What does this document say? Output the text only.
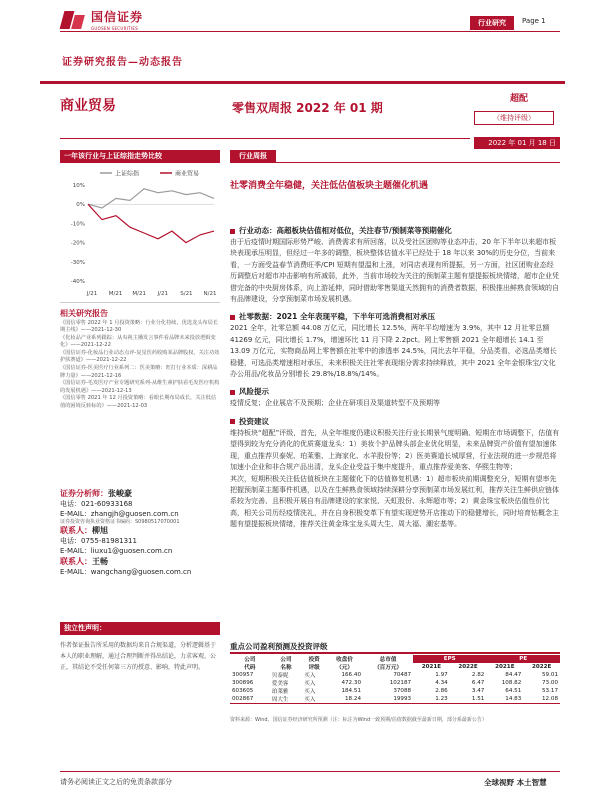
国信证券
GUOSEN SECURITIES
行业研究	Page 1
证券研究报告—动态报告
商业贸易	零售双周报 2022 年 01 期
超配
（维持评级）
2022 年 01 月 18 日
一年该行业与上证综指走势比较
上证综指	商业贸易
0%
10%
-10%
-20%
-30%
-40%
J/21 M/21 M/21 J/21 S/21 N/21
相关研究报告
《国信零售 2022 年 1 月投资策略：行业分化持续，优选龙头布局长期主线》——2021-12-30
《化妆品产业系列跟踪：从央视主播发言事件看品牌未来投放逻辑变化》——2021-12-22
《国信证券-化妆品行业动态点评-复星医药收购某品牌股权，关注功效护肤赛道》——2021-12-22
《国信证券-医美医疗行业系列二：医美策略：旺打行业本质：深耕品牌力量》——2021-12-16
《国信证券-毛发医疗产业专题研究系列-从维生素护肤看毛发医疗机构的发展机遇》——2021-12-13
《国信零售 2021 年 12 月投资策略：看眼长期布局成长，关注低估值的困境反转标的》——2021-12-03
证券分析师：张峻豪
电话：021-60933168
E-MAIL：zhangjh@guosen.com.cn
证券投资咨询执业资格证书编码：S0980517070001
联系人：柳旭
电话：0755-81981311
E-MAIL：liuxu1@guosen.com.cn
联系人：王畅
E-MAIL：wangchang@guosen.com.cn
独立性声明：
作者保证报告所采用的数据均来自合规渠道，分析逻辑基于本人的职业理解，通过合理判断并得出结论，力求客观、公正，其结论不受任何第三方的授意、影响，特此声明。
行业周报
社零消费全年稳健，关注低估值板块主题催化机遇
行业动态：高超板块估值相对低位，关注春节/预制菜等预期催化
由于后疫情时期国际形势严峻、消费需求有所回落，以及受社区团购等业态冲击，20 年下半年以来超市板块表现承压明显，但经过一年多的调整，板块整体估值水平已经处于 18 年以来 30%的历史分位，当前来看，一方面受益春节消费旺季/CPI 短期有望温和上涨，对同店表现有所提振，另一方面，社区团购业态经历调整后对超市冲击影响有所减弱，此外，当前市场较为关注的预制菜主题有望提振板块情绪，超市企业凭借完备的中央厨房体系，向上游延伸，同时借助零售渠道天然拥有的消费者数据，积极推出鲜熟食领域的自有品牌建设，分享预制菜市场发展机遇。
社零数据：2021 全年表现平稳，下半年可选消费相对承压
2021 全年，社零总额 44.08 万亿元，同比增长 12.5%，两年平均增速为 3.9%，其中 12 月社零总额 41269 亿元，同比增长 1.7%，增速环比 11 月下降 2.2pct。网上零售额 2021 全年超增长 14.1 至 13.09 万亿元，实物商品网上零售额在社零中的渗透率 24.5%，同比去年平稳，分品类看，必选品类增长稳健，可选品类增速相对承压，未来积极关注社零表现细分需求持续释放，其中 2021 全年金银珠宝/文化办公用品/化妆品分别增长 29.8%/18.8%/14%。
风险提示
疫情反复；企业展店不及预期；企业在研项目及渠道转型不及预期等
投资建议
维持板块“超配”评级，首先，从全年维度仍建议积极关注行业长期景气度明确、短期在市场调整下，估值有望得到较为充分消化的优质赛道龙头：1）美妆个护品牌头部企业优化明显，未来品牌资产价值有望加速体现，重点推荐贝泰妮、珀莱雅、上海家化、水羊股份等；2）医美赛道长城厚营，行业法规的进一步规范将加速小企业和非合规产品出清，龙头企业受益于集中度提升，重点推荐爱美客、华熙生物等；
其次，短期积极关注低估值板块在主题催化下的估值修复机遇：1）超市板块前期调整充分，短期有望率先把握预制菜主题事件机遇，以及在生鲜熟食领域持续深耕分享预制菜市场发展红利，推荐关注生鲜供应链体系较为完善、且积极开展自有品牌建设的家家悦、天虹股份、永辉超市等；2）黄金珠宝板块估值性价比高，相关公司历经疫情洗礼，并在自身积极变革下有望实现逆势开店推动下的稳健增长，同时培育钻概念主题有望提振板块情绪，推荐关注黄金珠宝龙头周大生、周大福、潮宏基等。
重点公司盈利预测及投资评级
公司	公司	投资	收盘价	总市值	EPS		PE	
代码	名称	评级	（元）	（百万元）	2021E	2022E	2021E	2022E
300957	贝泰妮	买入	166.40	70487	1.97	2.82	84.47	59.01
300896	爱美客	买入	472.30	102187	4.34	6.47	108.82	73.00
603605	珀莱雅	买入	184.51	37088	2.86	3.47	64.51	53.17
002867	周大生	买入	18.24	19993	1.23	1.51	14.83	12.08
资料来源：Wind、国信证券经济研究所预测（注：标注为Wind一致预期/估值数据截至最新日期，部分系最新公告）
请务必阅读正文之后的免责条款部分	全球视野 本土智慧
